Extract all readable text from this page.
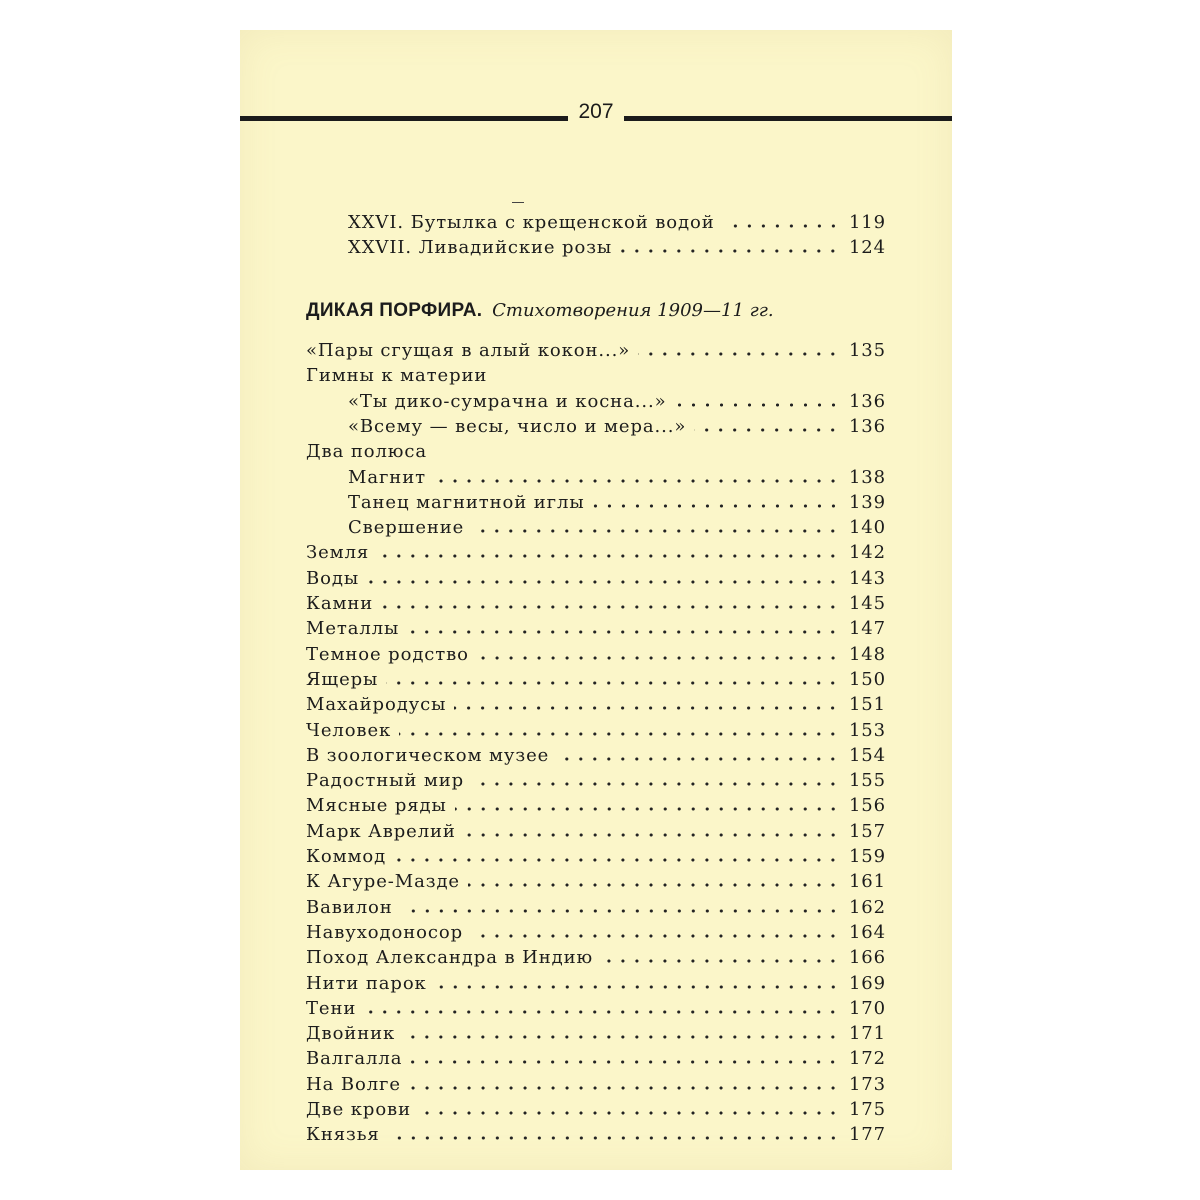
207
ДИКАЯ ПОРФИРА. Стихотворения 1909—11 гг.
XXVI. Бутылка с крещенской водой	119
XXVII. Ливадийские розы	124
«Пары сгущая в алый кокон...»	135
Гимны к материи
«Ты дико-сумрачна и косна...»	136
«Всему — весы, число и мера...»	136
Два полюса
Магнит	138
Танец магнитной иглы	139
Свершение	140
Земля	142
Воды	143
Камни	145
Металлы	147
Темное родство	148
Ящеры	150
Махайродусы	151
Человек	153
В зоологическом музее	154
Радостный мир	155
Мясные ряды	156
Марк Аврелий	157
Коммод	159
К Агуре-Мазде	161
Вавилон	162
Навуходоносор	164
Поход Александра в Индию	166
Нити парок	169
Тени	170
Двойник	171
Валгалла	172
На Волге	173
Две крови	175
Князья	177
